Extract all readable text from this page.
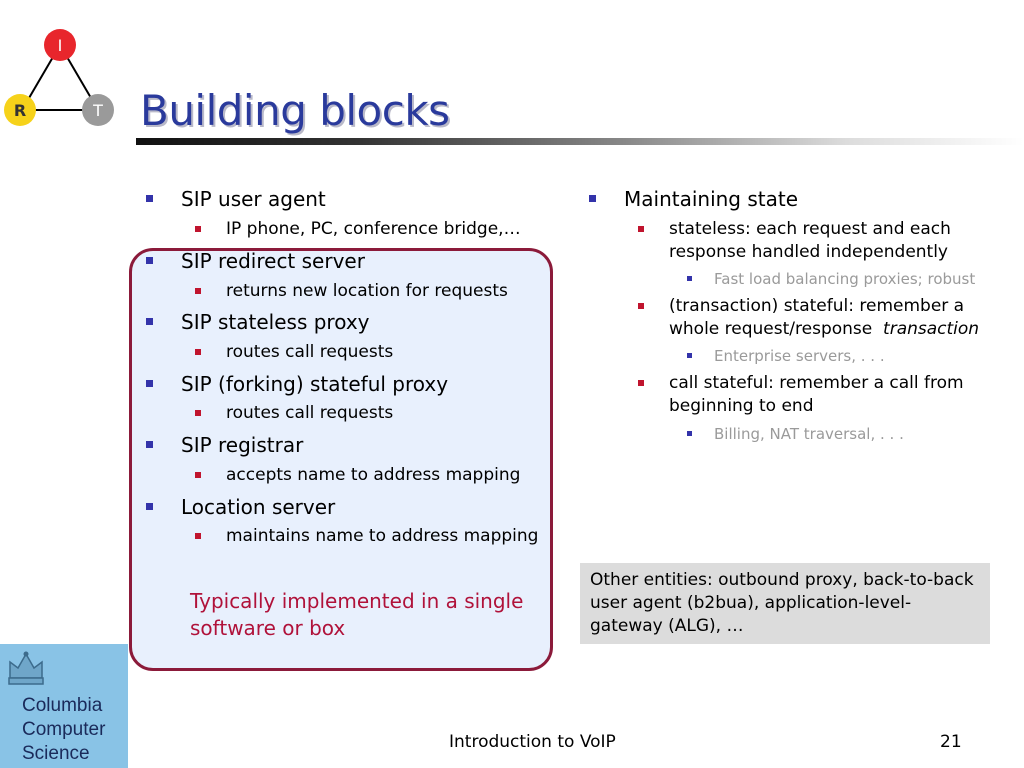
I
R	T Building blocks
SIP user agent
IP phone, PC, conference bridge,…
SIP redirect server
returns new location for requests
SIP stateless proxy
routes call requests
SIP (forking) stateful proxy
routes call requests
SIP registrar
accepts name to address mapping
Location server
maintains name to address mapping
Typically implemented in a single software or box
Maintaining state
stateless: each request and each
response handled independently
Fast load balancing proxies; robust
(transaction) stateful: remember a
whole request/response transaction
Enterprise servers, . . .
call stateful: remember a call from
beginning to end
Billing, NAT traversal, . . .
Other entities: outbound proxy, back-to-back user agent (b2bua), application-level-gateway (ALG), …
Columbia
Computer
Science
Introduction to VoIP	21
